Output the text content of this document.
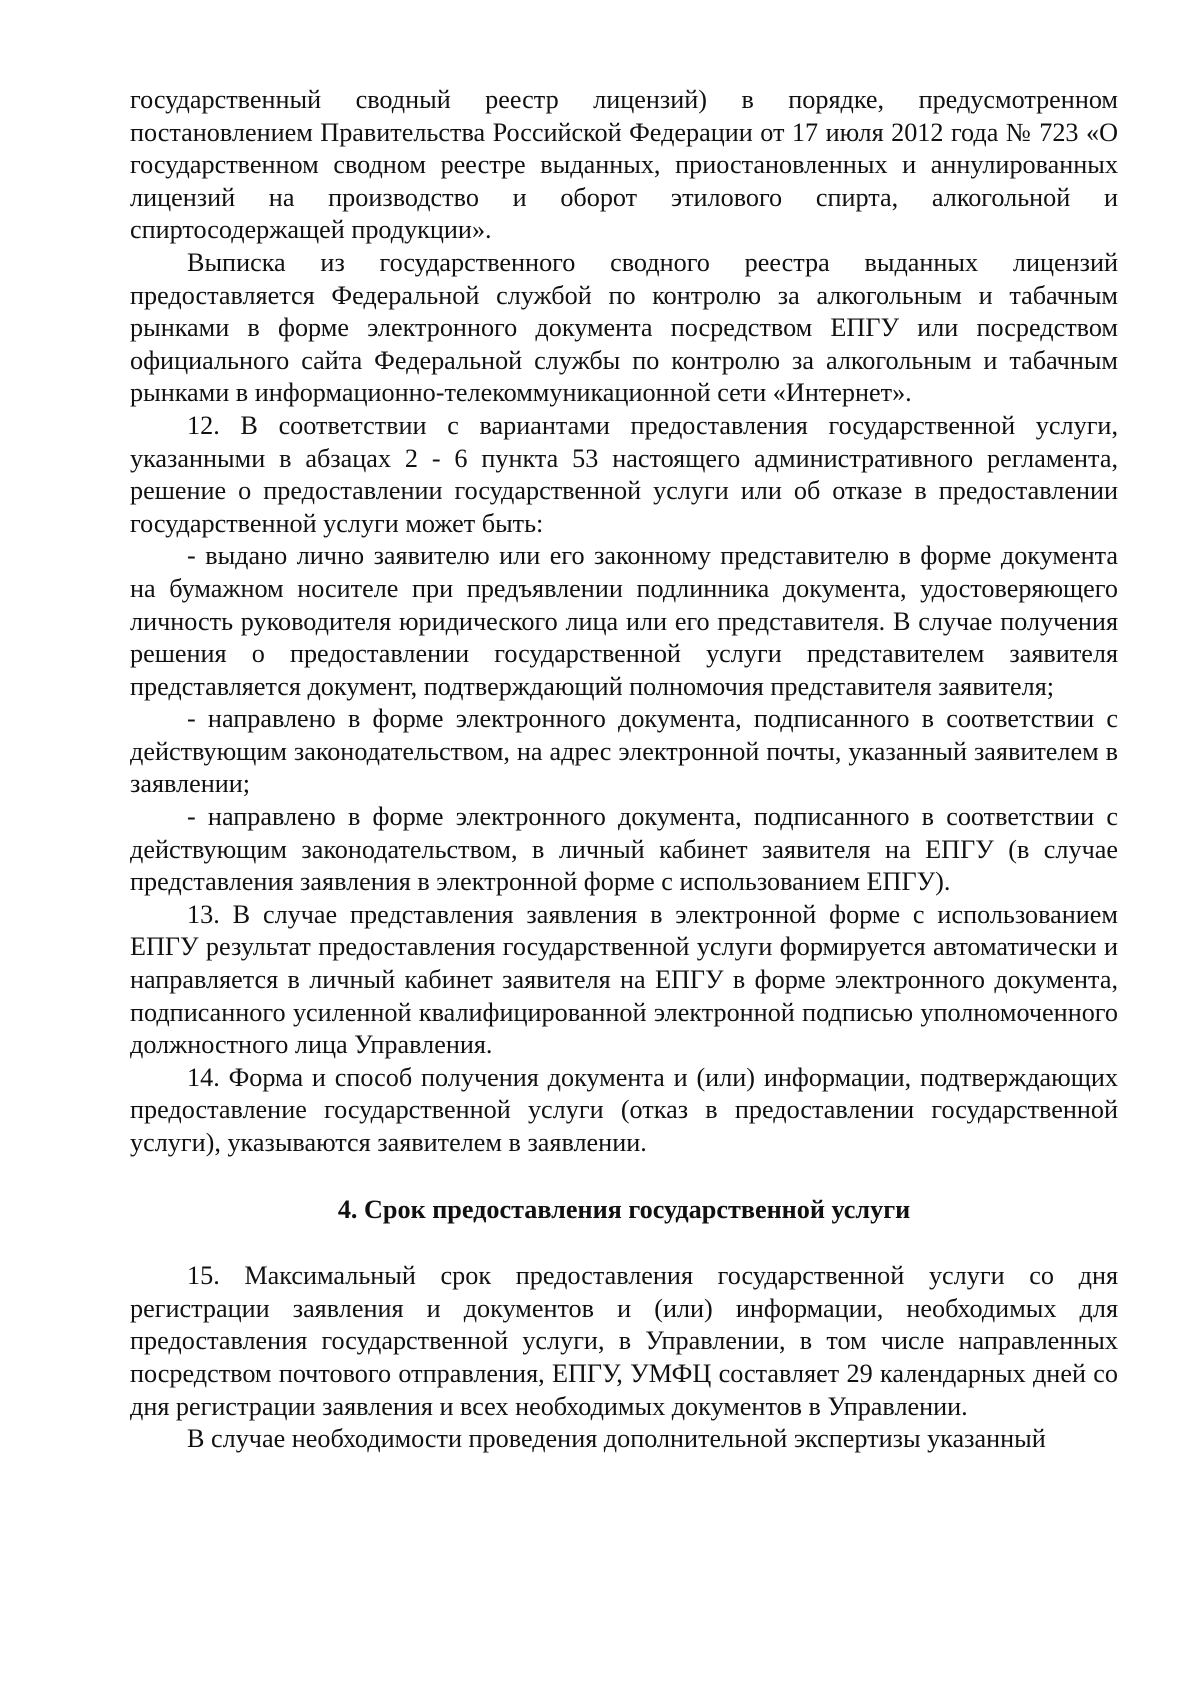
государственный сводный реестр лицензий) в порядке, предусмотренном постановлением Правительства Российской Федерации от 17 июля 2012 года № 723 «О государственном сводном реестре выданных, приостановленных и аннулированных лицензий на производство и оборот этилового спирта, алкогольной и спиртосодержащей продукции».

Выписка из государственного сводного реестра выданных лицензий предоставляется Федеральной службой по контролю за алкогольным и табачным рынками в форме электронного документа посредством ЕПГУ или посредством официального сайта Федеральной службы по контролю за алкогольным и табачным рынками в информационно-телекоммуникационной сети «Интернет».

12. В соответствии с вариантами предоставления государственной услуги, указанными в абзацах 2 - 6 пункта 53 настоящего административного регламента, решение о предоставлении государственной услуги или об отказе в предоставлении государственной услуги может быть:

- выдано лично заявителю или его законному представителю в форме документа на бумажном носителе при предъявлении подлинника документа, удостоверяющего личность руководителя юридического лица или его представителя. В случае получения решения о предоставлении государственной услуги представителем заявителя представляется документ, подтверждающий полномочия представителя заявителя;

- направлено в форме электронного документа, подписанного в соответствии с действующим законодательством, на адрес электронной почты, указанный заявителем в заявлении;

- направлено в форме электронного документа, подписанного в соответствии с действующим законодательством, в личный кабинет заявителя на ЕПГУ (в случае представления заявления в электронной форме с использованием ЕПГУ).

13. В случае представления заявления в электронной форме с использованием ЕПГУ результат предоставления государственной услуги формируется автоматически и направляется в личный кабинет заявителя на ЕПГУ в форме электронного документа, подписанного усиленной квалифицированной электронной подписью уполномоченного должностного лица Управления.

14. Форма и способ получения документа и (или) информации, подтверждающих предоставление государственной услуги (отказ в предоставлении государственной услуги), указываются заявителем в заявлении.

4. Срок предоставления государственной услуги

15. Максимальный срок предоставления государственной услуги со дня регистрации заявления и документов и (или) информации, необходимых для предоставления государственной услуги, в Управлении, в том числе направленных посредством почтового отправления, ЕПГУ, УМФЦ составляет 29 календарных дней со дня регистрации заявления и всех необходимых документов в Управлении.

В случае необходимости проведения дополнительной экспертизы указанный
